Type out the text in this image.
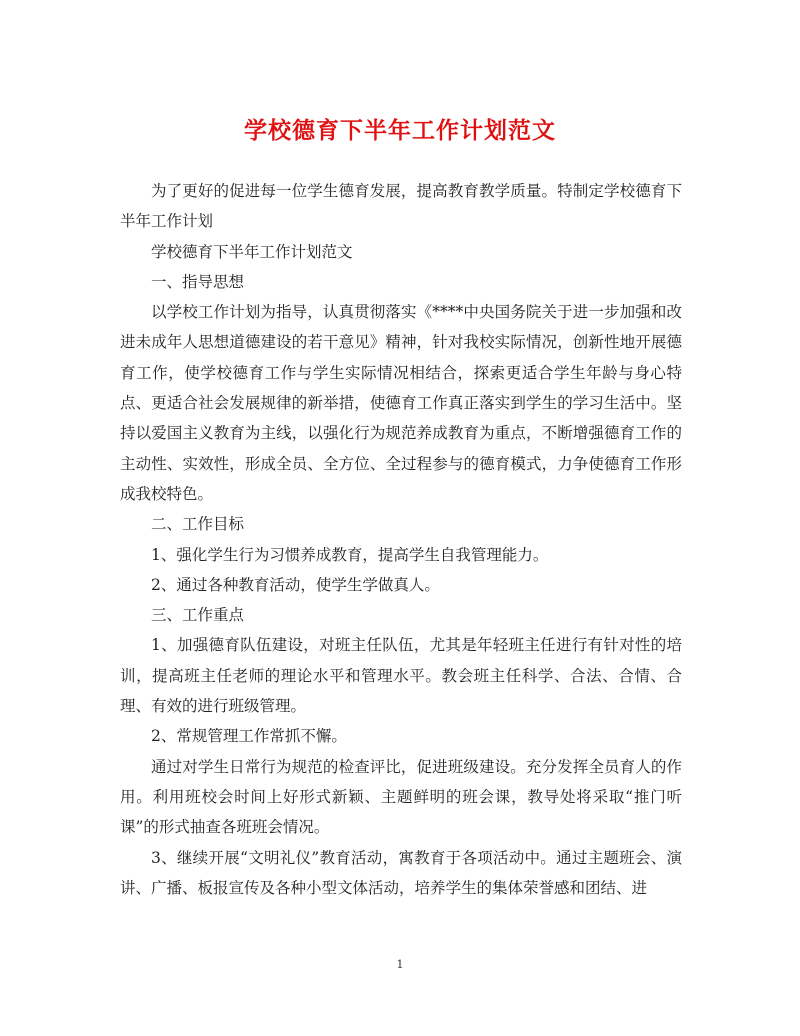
学校德育下半年工作计划范文

为了更好的促进每一位学生德育发展，提高教育教学质量。特制定学校德育下半年工作计划

学校德育下半年工作计划范文

一、指导思想

以学校工作计划为指导，认真贯彻落实《****中央国务院关于进一步加强和改进未成年人思想道德建设的若干意见》精神，针对我校实际情况，创新性地开展德育工作，使学校德育工作与学生实际情况相结合，探索更适合学生年龄与身心特点、更适合社会发展规律的新举措，使德育工作真正落实到学生的学习生活中。坚持以爱国主义教育为主线，以强化行为规范养成教育为重点，不断增强德育工作的主动性、实效性，形成全员、全方位、全过程参与的德育模式，力争使德育工作形成我校特色。

二、工作目标

1、强化学生行为习惯养成教育，提高学生自我管理能力。

2、通过各种教育活动，使学生学做真人。

三、工作重点

1、加强德育队伍建设，对班主任队伍，尤其是年轻班主任进行有针对性的培训，提高班主任老师的理论水平和管理水平。教会班主任科学、合法、合情、合理、有效的进行班级管理。

2、常规管理工作常抓不懈。

通过对学生日常行为规范的检查评比，促进班级建设。充分发挥全员育人的作用。利用班校会时间上好形式新颖、主题鲜明的班会课，教导处将采取“推门听课”的形式抽查各班班会情况。

3、继续开展“文明礼仪”教育活动，寓教育于各项活动中。通过主题班会、演讲、广播、板报宣传及各种小型文体活动，培养学生的集体荣誉感和团结、进

1
